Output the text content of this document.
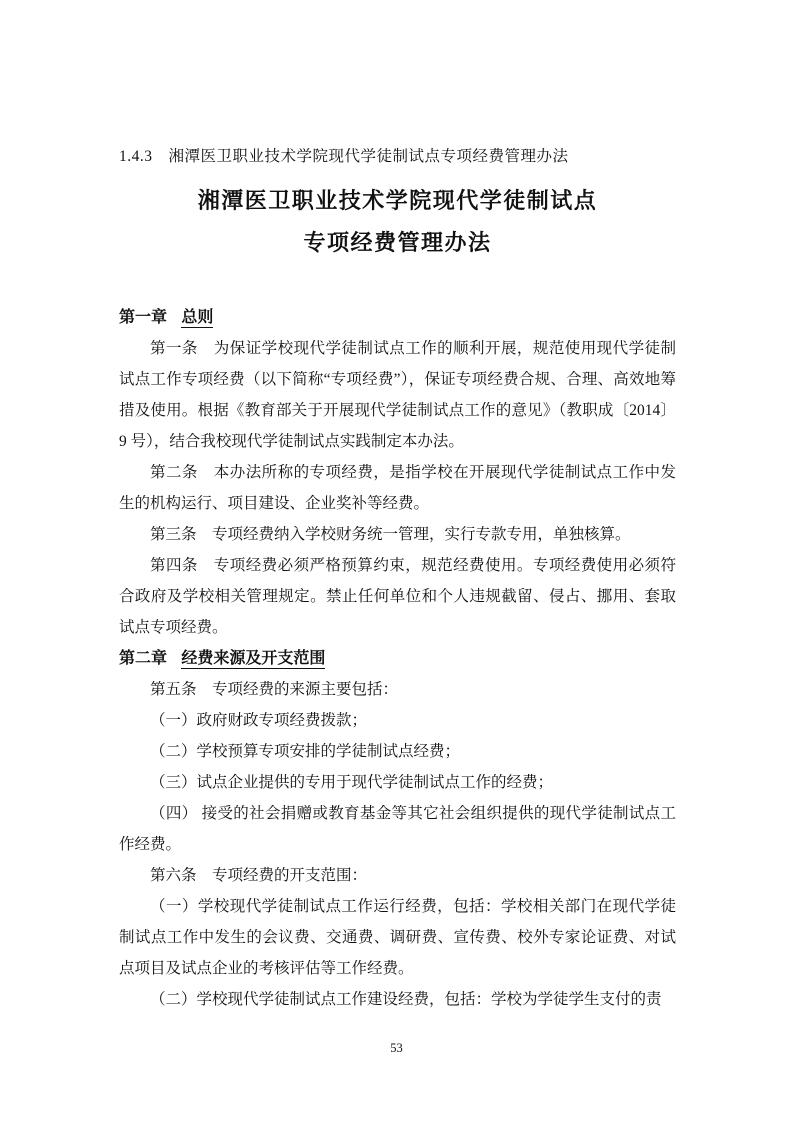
1.4.3　湘潭医卫职业技术学院现代学徒制试点专项经费管理办法
湘潭医卫职业技术学院现代学徒制试点
专项经费管理办法

第一章 总则

第一条　为保证学校现代学徒制试点工作的顺利开展，规范使用现代学徒制试点工作专项经费（以下简称“专项经费”），保证专项经费合规、合理、高效地筹措及使用。根据《教育部关于开展现代学徒制试点工作的意见》（教职成〔2014〕9 号），结合我校现代学徒制试点实践制定本办法。

第二条　本办法所称的专项经费，是指学校在开展现代学徒制试点工作中发生的机构运行、项目建设、企业奖补等经费。

第三条　专项经费纳入学校财务统一管理，实行专款专用，单独核算。

第四条　专项经费必须严格预算约束，规范经费使用。专项经费使用必须符合政府及学校相关管理规定。禁止任何单位和个人违规截留、侵占、挪用、套取试点专项经费。

第二章 经费来源及开支范围

第五条　专项经费的来源主要包括：

（一）政府财政专项经费拨款；

（二）学校预算专项安排的学徒制试点经费；

（三）试点企业提供的专用于现代学徒制试点工作的经费；

（四） 接受的社会捐赠或教育基金等其它社会组织提供的现代学徒制试点工作经费。

第六条　专项经费的开支范围：

（一）学校现代学徒制试点工作运行经费，包括：学校相关部门在现代学徒制试点工作中发生的会议费、交通费、调研费、宣传费、校外专家论证费、对试点项目及试点企业的考核评估等工作经费。

（二）学校现代学徒制试点工作建设经费，包括：学校为学徒学生支付的责

53
